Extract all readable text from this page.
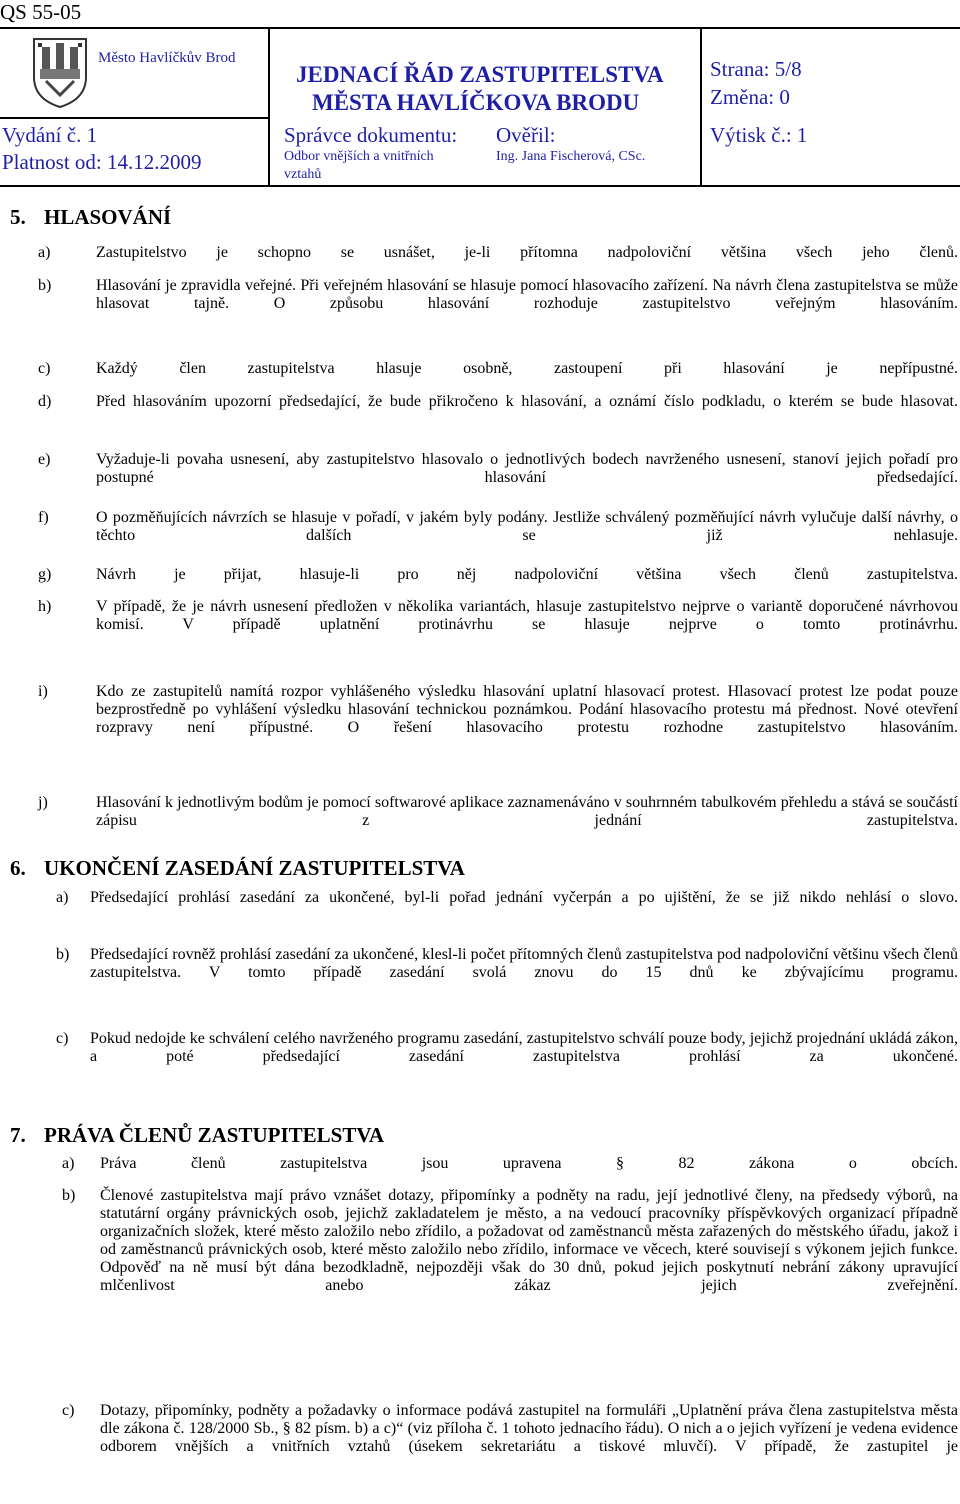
QS 55-05
Město Havlíčkův Brod
Vydání č. 1
Platnost od: 14.12.2009
JEDNACÍ ŘÁD ZASTUPITELSTVA
MĚSTA HAVLÍČKOVA BRODU
Správce dokumentu:
Odbor vnějších a vnitřních
vztahů
Ověřil:
Ing. Jana Fischerová, CSc.
Strana: 5/8
Změna: 0
Výtisk č.: 1
5. HLASOVÁNÍ
a)	Zastupitelstvo je schopno se usnášet, je-li přítomna nadpoloviční většina všech jeho členů.
b)	Hlasování je zpravidla veřejné. Při veřejném hlasování se hlasuje pomocí hlasovacího zařízení. Na návrh člena zastupitelstva se může hlasovat tajně. O způsobu hlasování rozhoduje zastupitelstvo veřejným hlasováním.
c)	Každý člen zastupitelstva hlasuje osobně, zastoupení při hlasování je nepřípustné.
d)	Před hlasováním upozorní předsedající, že bude přikročeno k hlasování, a oznámí číslo podkladu, o kterém se bude hlasovat.
e)	Vyžaduje-li povaha usnesení, aby zastupitelstvo hlasovalo o jednotlivých bodech navrženého usnesení, stanoví jejich pořadí pro postupné hlasování předsedající.
f)	O pozměňujících návrzích se hlasuje v pořadí, v jakém byly podány. Jestliže schválený pozměňující návrh vylučuje další návrhy, o těchto dalších se již nehlasuje.
g)	Návrh je přijat, hlasuje-li pro něj nadpoloviční většina všech členů zastupitelstva.
h)	V případě, že je návrh usnesení předložen v několika variantách, hlasuje zastupitelstvo nejprve o variantě doporučené návrhovou komisí. V případě uplatnění protinávrhu se hlasuje nejprve o tomto protinávrhu.
i)	Kdo ze zastupitelů namítá rozpor vyhlášeného výsledku hlasování uplatní hlasovací protest. Hlasovací protest lze podat pouze bezprostředně po vyhlášení výsledku hlasování technickou poznámkou. Podání hlasovacího protestu má přednost. Nové otevření rozpravy není přípustné. O řešení hlasovacího protestu rozhodne zastupitelstvo hlasováním.
j)	Hlasování k jednotlivým bodům je pomocí softwarové aplikace zaznamenáváno v souhrnném tabulkovém přehledu a stává se součástí zápisu z jednání zastupitelstva.
6. UKONČENÍ ZASEDÁNÍ ZASTUPITELSTVA
a) Předsedající prohlásí zasedání za ukončené, byl-li pořad jednání vyčerpán a po ujištění, že se již nikdo nehlásí o slovo.
b) Předsedající rovněž prohlásí zasedání za ukončené, klesl-li počet přítomných členů zastupitelstva pod nadpoloviční většinu všech členů zastupitelstva. V tomto případě zasedání svolá znovu do 15 dnů ke zbývajícímu programu.
c) Pokud nedojde ke schválení celého navrženého programu zasedání, zastupitelstvo schválí pouze body, jejichž projednání ukládá zákon, a poté předsedající zasedání zastupitelstva prohlásí za ukončené.
7. PRÁVA ČLENŮ ZASTUPITELSTVA
a) Práva členů zastupitelstva jsou upravena § 82 zákona o obcích.
b) Členové zastupitelstva mají právo vznášet dotazy, připomínky a podněty na radu, její jednotlivé členy, na předsedy výborů, na statutární orgány právnických osob, jejichž zakladatelem je město, a na vedoucí pracovníky příspěvkových organizací případně organizačních složek, které město založilo nebo zřídilo, a požadovat od zaměstnanců města zařazených do městského úřadu, jakož i od zaměstnanců právnických osob, které město založilo nebo zřídilo, informace ve věcech, které souvisejí s výkonem jejich funkce. Odpověď na ně musí být dána bezodkladně, nejpozději však do 30 dnů, pokud jejich poskytnutí nebrání zákony upravující mlčenlivost anebo zákaz jejich zveřejnění.
c) Dotazy, připomínky, podněty a požadavky o informace podává zastupitel na formuláři „Uplatnění práva člena zastupitelstva města dle zákona č. 128/2000 Sb., § 82 písm. b) a c)“ (viz příloha č. 1 tohoto jednacího řádu). O nich a o jejich vyřízení je vedena evidence odborem vnějších a vnitřních vztahů (úsekem sekretariátu a tiskové mluvčí). V případě, že zastupitel je
